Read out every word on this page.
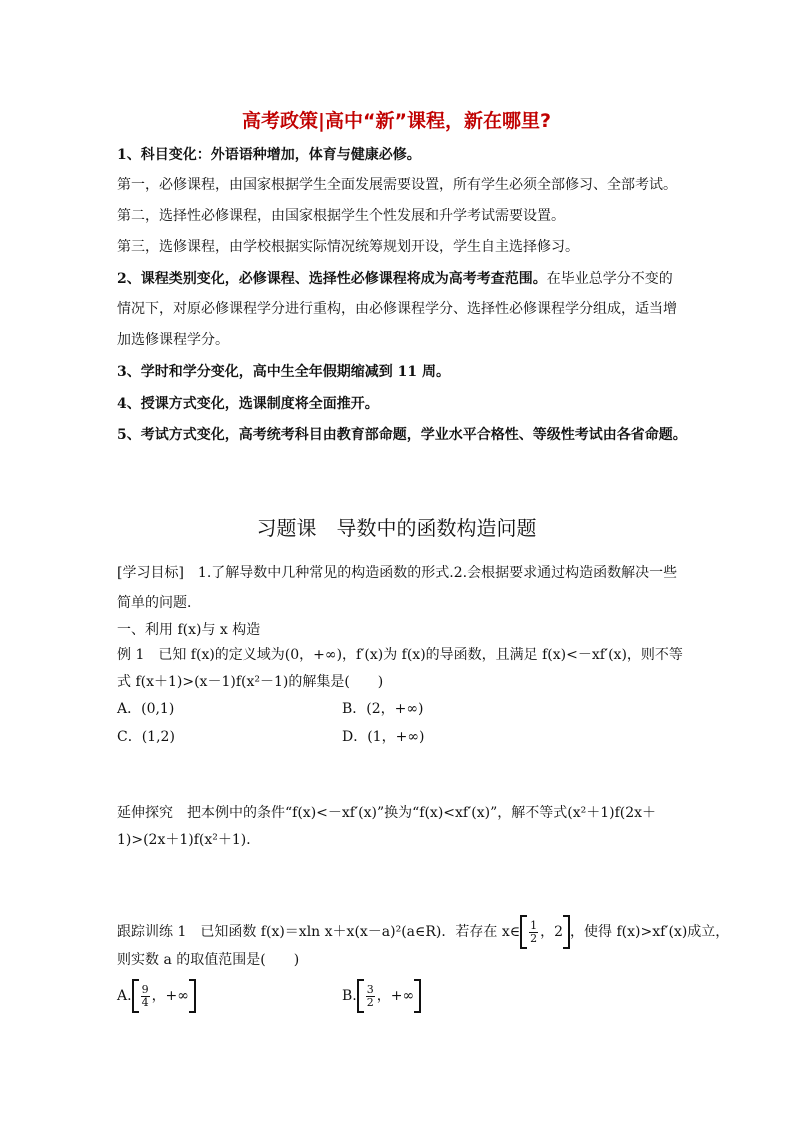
高考政策|高中“新”课程，新在哪里?
1、科目变化：外语语种增加，体育与健康必修。
第一，必修课程，由国家根据学生全面发展需要设置，所有学生必须全部修习、全部考试。
第二，选择性必修课程，由国家根据学生个性发展和升学考试需要设置。
第三，选修课程，由学校根据实际情况统筹规划开设，学生自主选择修习。
2、课程类别变化，必修课程、选择性必修课程将成为高考考查范围。在毕业总学分不变的
情况下，对原必修课程学分进行重构，由必修课程学分、选择性必修课程学分组成，适当增
加选修课程学分。
3、学时和学分变化，高中生全年假期缩减到 11 周。
4、授课方式变化，选课制度将全面推开。
5、考试方式变化，高考统考科目由教育部命题，学业水平合格性、等级性考试由各省命题。
习题课　导数中的函数构造问题
[学习目标]　1.了解导数中几种常见的构造函数的形式.2.会根据要求通过构造函数解决一些
简单的问题．
一、利用 f(x)与 x 构造
例 1　已知 f(x)的定义域为(0，+∞)，f′(x)为 f(x)的导函数，且满足 f(x)<－xf′(x)，则不等
式 f(x＋1)>(x－1)f(x²－1)的解集是(　　)
A．(0,1)	B．(2，+∞)
C．(1,2)	D．(1，+∞)
延伸探究　把本例中的条件“f(x)<－xf′(x)”换为“f(x)<xf′(x)”，解不等式(x²＋1)f(2x＋
1)>(2x＋1)f(x²＋1)．
跟踪训练 1　已知函数 f(x)＝xln x＋x(x－a)²(a∈R)．若存在 x∈ $\frac{1}{2}$ ，2 ，使得 f(x)>xf′(x)成立，
则实数 a 的取值范围是(　　)
A. $\frac{9}{4}$ ，+∞	B. $\frac{3}{2}$ ，+∞
